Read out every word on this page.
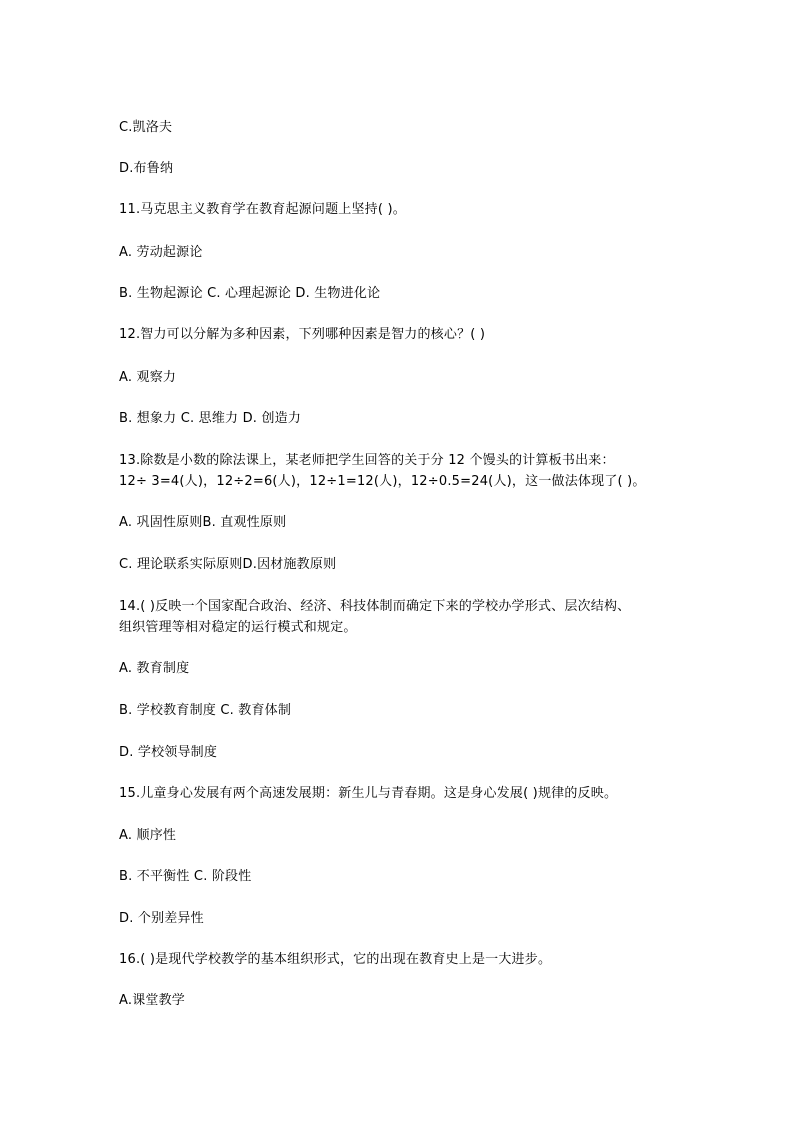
C.凯洛夫
D.布鲁纳
11.马克思主义教育学在教育起源问题上坚持( )。
A. 劳动起源论
B. 生物起源论 C. 心理起源论 D. 生物进化论
12.智力可以分解为多种因素，下列哪种因素是智力的核心？( )
A. 观察力
B. 想象力 C. 思维力 D. 创造力
13.除数是小数的除法课上，某老师把学生回答的关于分 12 个馒头的计算板书出来：
12÷ 3=4(人)，12÷2=6(人)，12÷1=12(人)，12÷0.5=24(人)，这一做法体现了( )。
A. 巩固性原则B. 直观性原则
C. 理论联系实际原则D.因材施教原则
14.( )反映一个国家配合政治、经济、科技体制而确定下来的学校办学形式、层次结构、
组织管理等相对稳定的运行模式和规定。
A. 教育制度
B. 学校教育制度 C. 教育体制
D. 学校领导制度
15.儿童身心发展有两个高速发展期：新生儿与青春期。这是身心发展( )规律的反映。
A. 顺序性
B. 不平衡性 C. 阶段性
D. 个别差异性
16.( )是现代学校教学的基本组织形式，它的出现在教育史上是一大进步。
A.课堂教学
